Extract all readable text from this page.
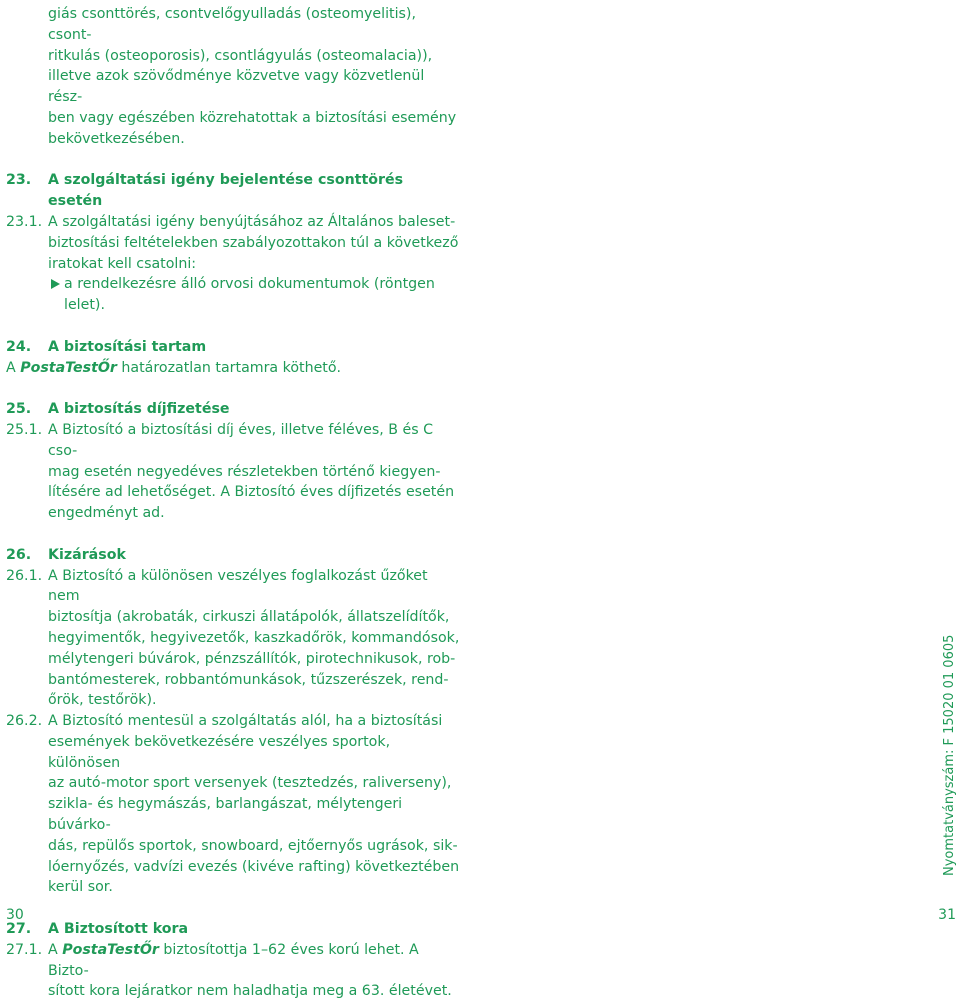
giás csonttörés, csontvelőgyulladás (osteomyelitis), csont-

ritkulás (osteoporosis), csontlágyulás (osteomalacia)),

illetve azok szövődménye közvetve vagy közvetlenül rész-

ben vagy egészében közrehatottak a biztosítási esemény

bekövetkezésében.

23. A szolgáltatási igény bejelentése csonttörés esetén

23.1. A szolgáltatási igény benyújtásához az Általános baleset-

biztosítási feltételekben szabályozottakon túl a következő

iratokat kell csatolni:

a rendelkezésre álló orvosi dokumentumok (röntgen lelet).

24. A biztosítási tartam

A PostaTestŐr határozatlan tartamra köthető.

25. A biztosítás díjfizetése

25.1. A Biztosító a biztosítási díj éves, illetve féléves, B és C cso-

mag esetén negyedéves részletekben történő kiegyen-

lítésére ad lehetőséget. A Biztosító éves díjfizetés esetén

engedményt ad.

26. Kizárások

26.1. A Biztosító a különösen veszélyes foglalkozást űzőket nem

biztosítja (akrobaták, cirkuszi állatápolók, állatszelídítők,

hegyimentők, hegyivezetők, kaszkadőrök, kommandósok,

mélytengeri búvárok, pénzszállítók, pirotechnikusok, rob-

bantómesterek, robbantómunkások, tűzszerészek, rend-

őrök, testőrök).

26.2. A Biztosító mentesül a szolgáltatás alól, ha a biztosítási

események bekövetkezésére veszélyes sportok, különösen

az autó-motor sport versenyek (tesztedzés, raliverseny),

szikla- és hegymászás, barlangászat, mélytengeri búvárko-

dás, repülős sportok, snowboard, ejtőernyős ugrások, sik-

lóernyőzés, vadvízi evezés (kivéve rafting) következtében

kerül sor.

27. A Biztosított kora

27.1. A PostaTestŐr biztosítottja 1–62 éves korú lehet. A Bizto-

sított kora lejáratkor nem haladhatja meg a 63. életévet.

Nyomtatványszám: F 15020 01 0605
30	31
